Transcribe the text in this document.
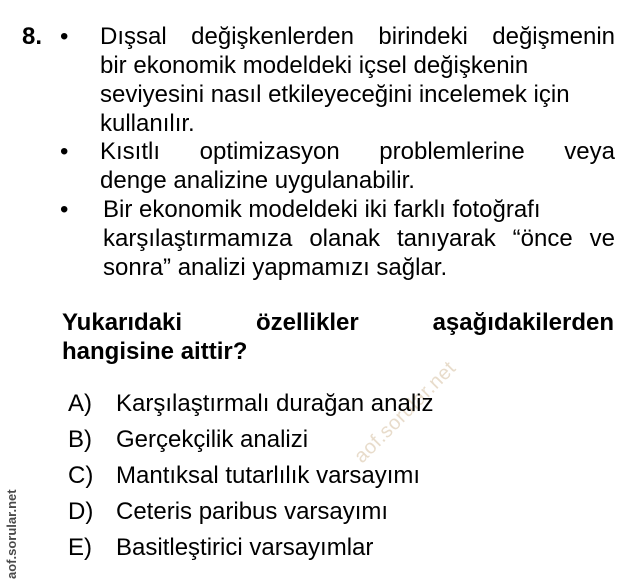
aof.sorular.net
aof.sorular.net
8. •	Dışsal değişkenlerden birindeki değişmenin
bir ekonomik modeldeki içsel değişkenin
seviyesini nasıl etkileyeceğini incelemek için
kullanılır.
•	Kısıtlı optimizasyon problemlerine veya
denge analizine uygulanabilir.
•	Bir ekonomik modeldeki iki farklı fotoğrafı
karşılaştırmamıza olanak tanıyarak “önce ve
sonra” analizi yapmamızı sağlar.
Yukarıdaki özellikler aşağıdakilerden
hangisine aittir?
A) Karşılaştırmalı durağan analiz
B) Gerçekçilik analizi
C) Mantıksal tutarlılık varsayımı
D) Ceteris paribus varsayımı
E) Basitleştirici varsayımlar
